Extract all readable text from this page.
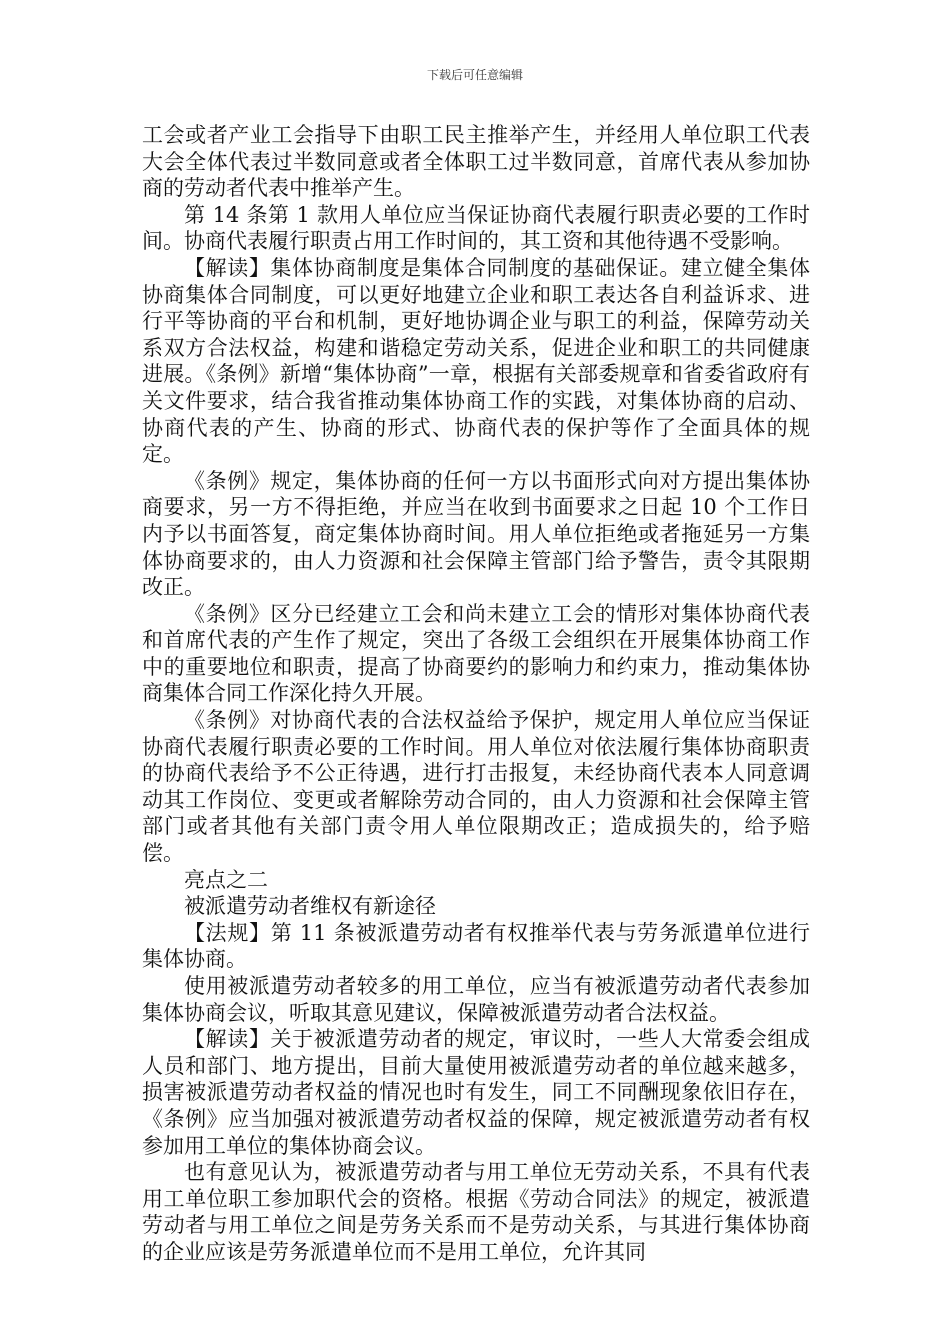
下载后可任意编辑

工会或者产业工会指导下由职工民主推举产生，并经用人单位职工代表大会全体代表过半数同意或者全体职工过半数同意，首席代表从参加协商的劳动者代表中推举产生。

第 14 条第 1 款用人单位应当保证协商代表履行职责必要的工作时间。协商代表履行职责占用工作时间的，其工资和其他待遇不受影响。

【解读】集体协商制度是集体合同制度的基础保证。建立健全集体协商集体合同制度，可以更好地建立企业和职工表达各自利益诉求、进行平等协商的平台和机制，更好地协调企业与职工的利益，保障劳动关系双方合法权益，构建和谐稳定劳动关系，促进企业和职工的共同健康进展。《条例》新增“集体协商”一章，根据有关部委规章和省委省政府有关文件要求，结合我省推动集体协商工作的实践，对集体协商的启动、协商代表的产生、协商的形式、协商代表的保护等作了全面具体的规定。

《条例》规定，集体协商的任何一方以书面形式向对方提出集体协商要求，另一方不得拒绝，并应当在收到书面要求之日起 10 个工作日内予以书面答复，商定集体协商时间。用人单位拒绝或者拖延另一方集体协商要求的，由人力资源和社会保障主管部门给予警告，责令其限期改正。

《条例》区分已经建立工会和尚未建立工会的情形对集体协商代表和首席代表的产生作了规定，突出了各级工会组织在开展集体协商工作中的重要地位和职责，提高了协商要约的影响力和约束力，推动集体协商集体合同工作深化持久开展。

《条例》对协商代表的合法权益给予保护，规定用人单位应当保证协商代表履行职责必要的工作时间。用人单位对依法履行集体协商职责的协商代表给予不公正待遇，进行打击报复，未经协商代表本人同意调动其工作岗位、变更或者解除劳动合同的，由人力资源和社会保障主管部门或者其他有关部门责令用人单位限期改正；造成损失的，给予赔偿。

亮点之二

被派遣劳动者维权有新途径

【法规】第 11 条被派遣劳动者有权推举代表与劳务派遣单位进行集体协商。

使用被派遣劳动者较多的用工单位，应当有被派遣劳动者代表参加集体协商会议，听取其意见建议，保障被派遣劳动者合法权益。

【解读】关于被派遣劳动者的规定，审议时，一些人大常委会组成人员和部门、地方提出，目前大量使用被派遣劳动者的单位越来越多，损害被派遣劳动者权益的情况也时有发生，同工不同酬现象依旧存在，《条例》应当加强对被派遣劳动者权益的保障，规定被派遣劳动者有权参加用工单位的集体协商会议。

也有意见认为，被派遣劳动者与用工单位无劳动关系，不具有代表用工单位职工参加职代会的资格。根据《劳动合同法》的规定，被派遣劳动者与用工单位之间是劳务关系而不是劳动关系，与其进行集体协商的企业应该是劳务派遣单位而不是用工单位，允许其同
